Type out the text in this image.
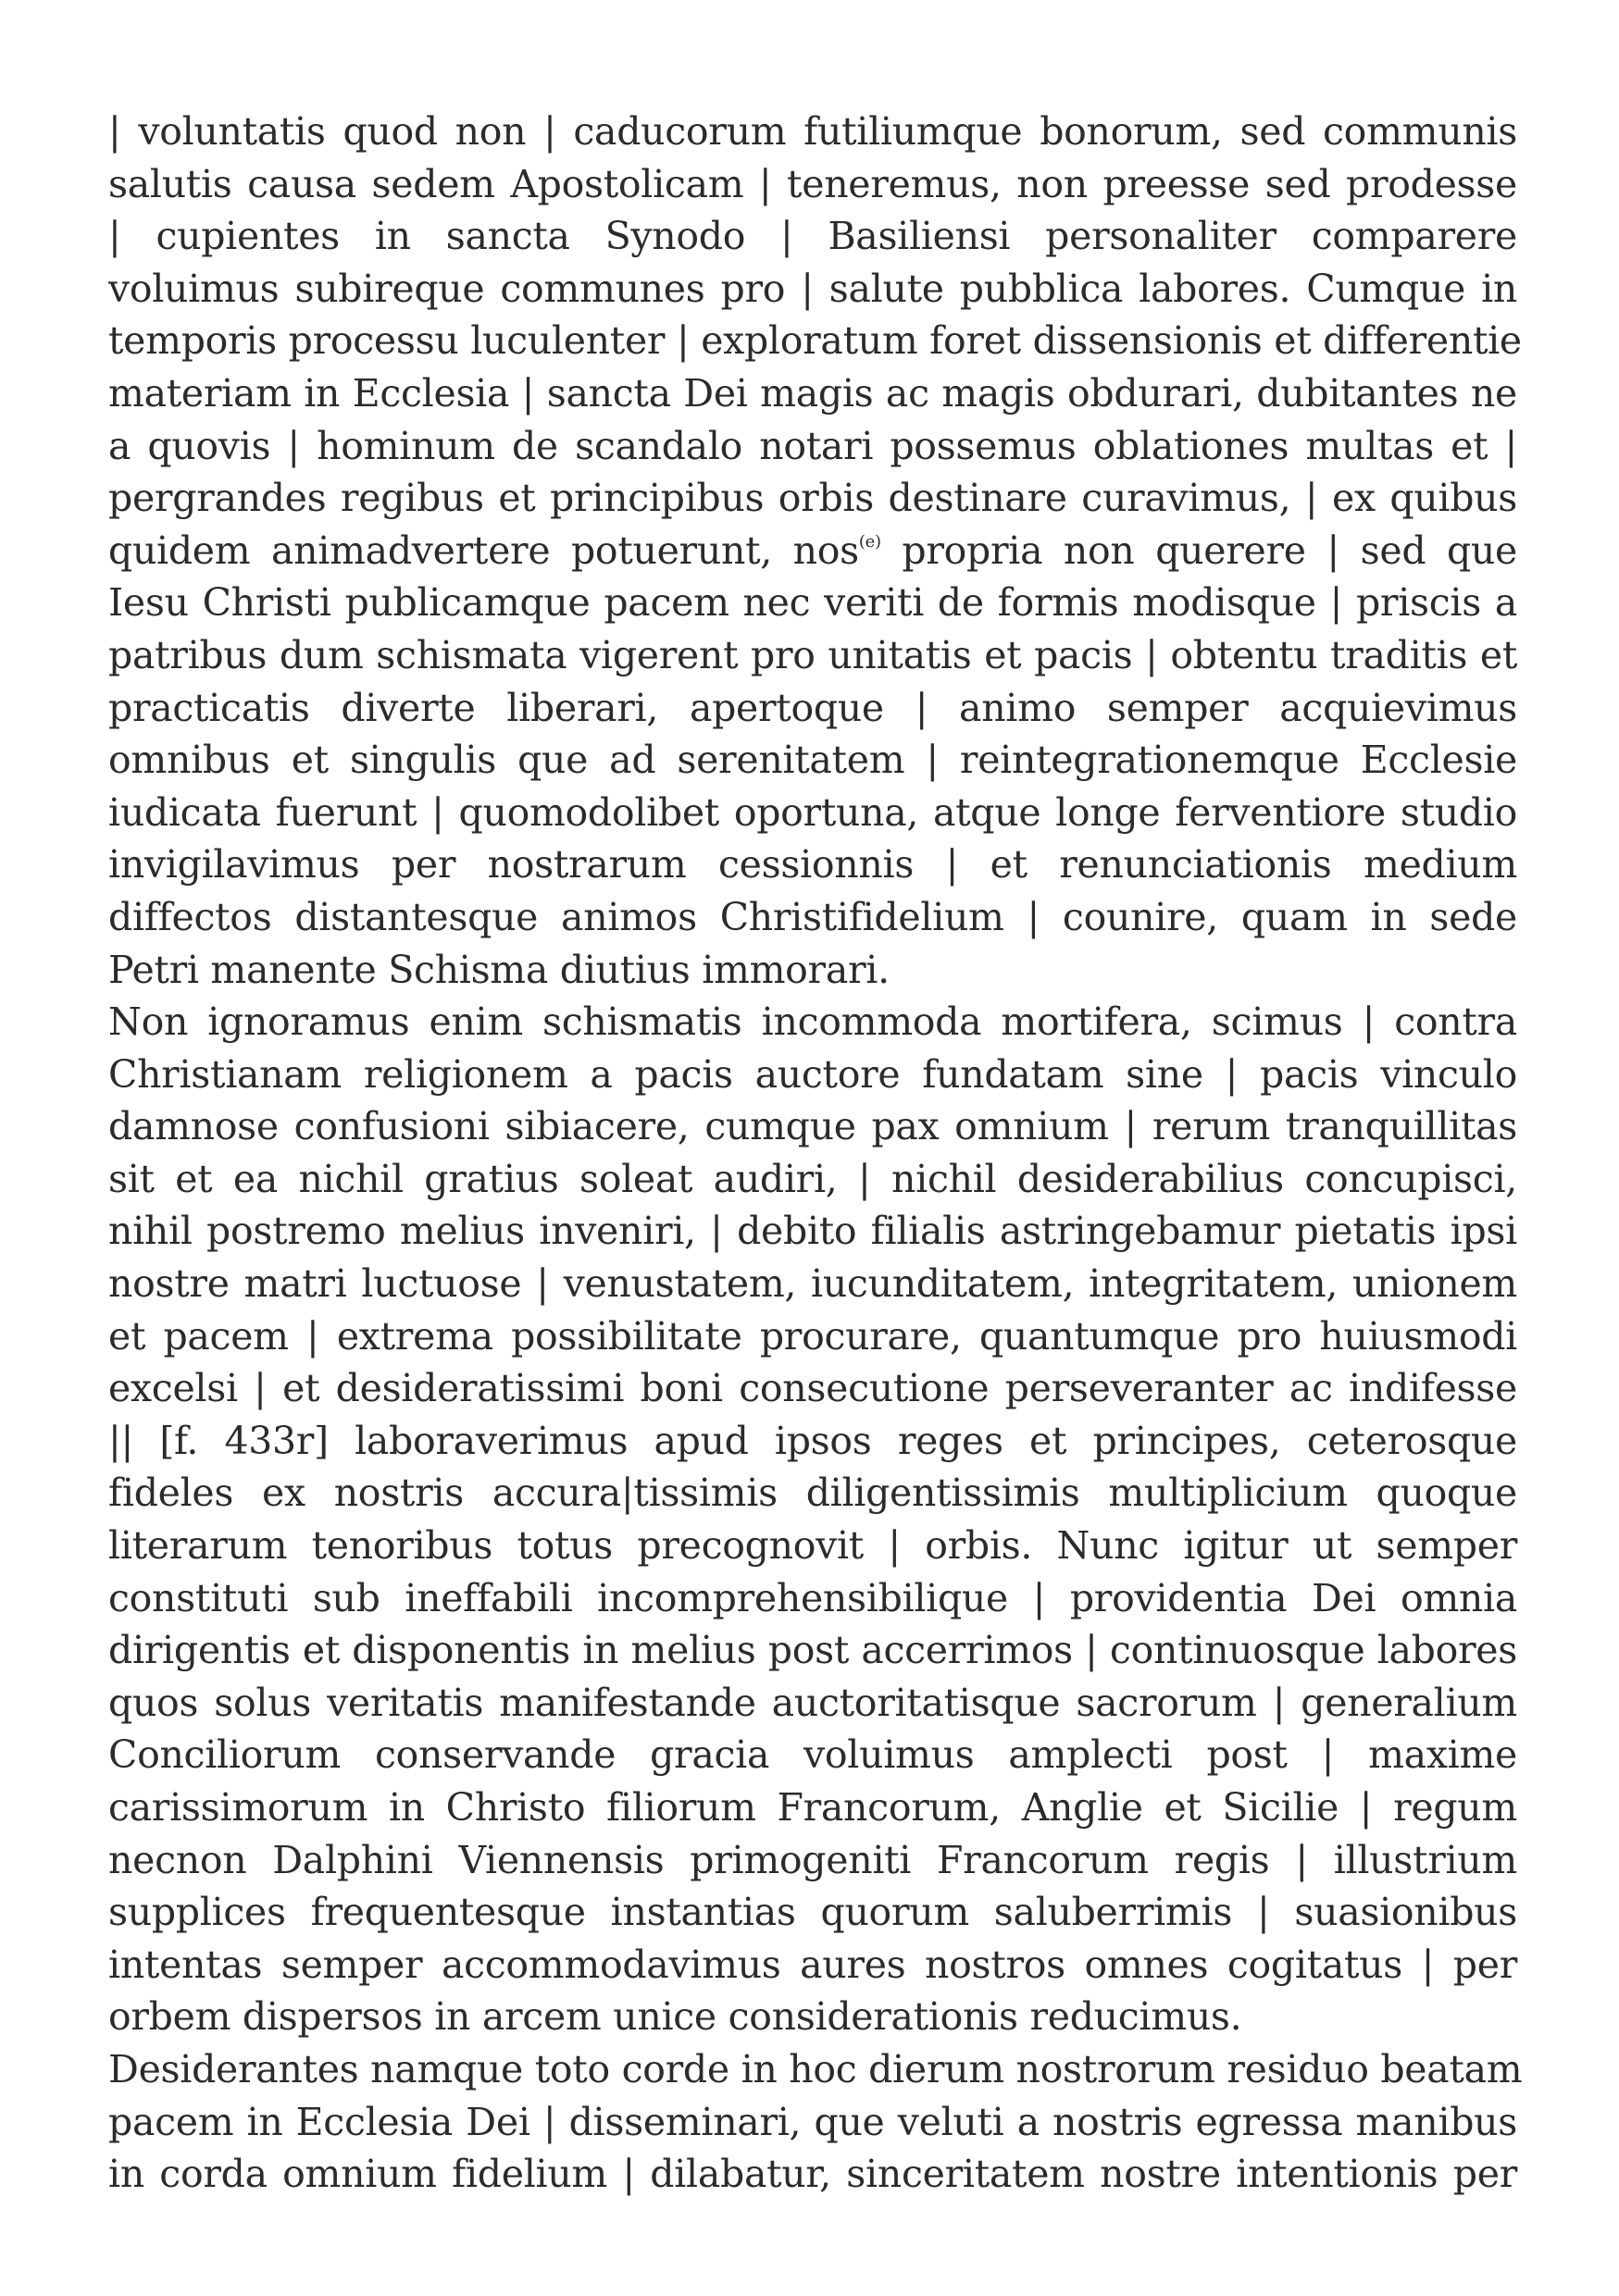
| voluntatis quod non | caducorum futiliumque bonorum, sed communis
salutis causa sedem Apostolicam | teneremus, non preesse sed prodesse
| cupientes in sancta Synodo | Basiliensi personaliter comparere
voluimus subireque communes pro | salute pubblica labores. Cumque in
temporis processu luculenter | exploratum foret dissensionis et differentie
materiam in Ecclesia | sancta Dei magis ac magis obdurari, dubitantes ne
a quovis | hominum de scandalo notari possemus oblationes multas et |
pergrandes regibus et principibus orbis destinare curavimus, | ex quibus
quidem animadvertere potuerunt, nos$^{(e)}$ propria non querere | sed que
Iesu Christi publicamque pacem nec veriti de formis modisque | priscis a
patribus dum schismata vigerent pro unitatis et pacis | obtentu traditis et
practicatis diverte liberari, apertoque | animo semper acquievimus
omnibus et singulis que ad serenitatem | reintegrationemque Ecclesie
iudicata fuerunt | quomodolibet oportuna, atque longe ferventiore studio
invigilavimus per nostrarum cessionnis | et renunciationis medium
diffectos distantesque animos Christifidelium | counire, quam in sede
Petri manente Schisma diutius immorari.
Non ignoramus enim schismatis incommoda mortifera, scimus | contra
Christianam religionem a pacis auctore fundatam sine | pacis vinculo
damnose confusioni sibiacere, cumque pax omnium | rerum tranquillitas
sit et ea nichil gratius soleat audiri, | nichil desiderabilius concupisci,
nihil postremo melius inveniri, | debito filialis astringebamur pietatis ipsi
nostre matri luctuose | venustatem, iucunditatem, integritatem, unionem
et pacem | extrema possibilitate procurare, quantumque pro huiusmodi
excelsi | et desideratissimi boni consecutione perseveranter ac indifesse
|| [f. 433r] laboraverimus apud ipsos reges et principes, ceterosque
fideles ex nostris accura|tissimis diligentissimis multiplicium quoque
literarum tenoribus totus precognovit | orbis. Nunc igitur ut semper
constituti sub ineffabili incomprehensibilique | providentia Dei omnia
dirigentis et disponentis in melius post accerrimos | continuosque labores
quos solus veritatis manifestande auctoritatisque sacrorum | generalium
Conciliorum conservande gracia voluimus amplecti post | maxime
carissimorum in Christo filiorum Francorum, Anglie et Sicilie | regum
necnon Dalphini Viennensis primogeniti Francorum regis | illustrium
supplices frequentesque instantias quorum saluberrimis | suasionibus
intentas semper accommodavimus aures nostros omnes cogitatus | per
orbem dispersos in arcem unice considerationis reducimus.
Desiderantes namque toto corde in hoc dierum nostrorum residuo beatam
pacem in Ecclesia Dei | disseminari, que veluti a nostris egressa manibus
in corda omnium fidelium | dilabatur, sinceritatem nostre intentionis per
